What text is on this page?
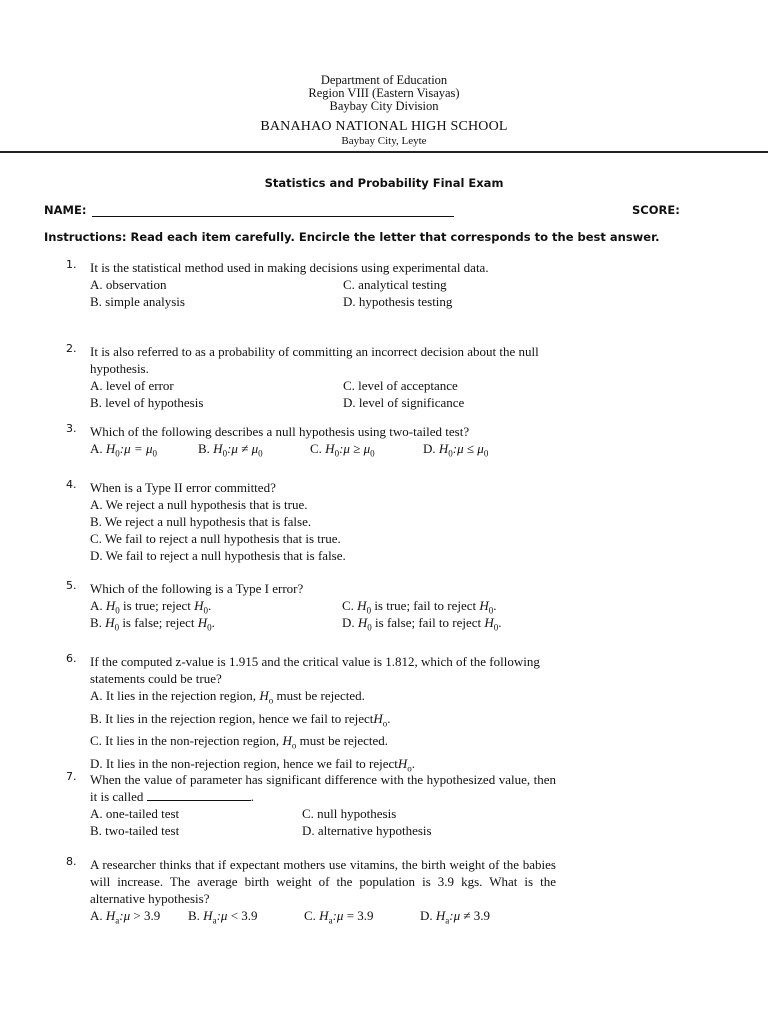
Department of Education
Region VIII (Eastern Visayas)
Baybay City Division
BANAHAO NATIONAL HIGH SCHOOL
Baybay City, Leyte
Statistics and Probability Final Exam
NAME:	SCORE:
Instructions: Read each item carefully. Encircle the letter that corresponds to the best answer.
1. It is the statistical method used in making decisions using experimental data.
A. observation	C. analytical testing
B. simple analysis	D. hypothesis testing
2. It is also referred to as a probability of committing an incorrect decision about the null hypothesis.
A. level of error	C. level of acceptance
B. level of hypothesis	D. level of significance
3. Which of the following describes a null hypothesis using two-tailed test?
A. $H_0:\mu = \mu_0$	B. $H_0:\mu \ne \mu_0$	C. $H_0:\mu \ge \mu_0$	D. $H_0:\mu \le \mu_0$
4. When is a Type II error committed?
A. We reject a null hypothesis that is true.
B. We reject a null hypothesis that is false.
C. We fail to reject a null hypothesis that is true.
D. We fail to reject a null hypothesis that is false.
5. Which of the following is a Type I error?
A. $H_0$ is true; reject $H_0$.	C. $H_0$ is true; fail to reject $H_0$.
B. $H_0$ is false; reject $H_0$.	D. $H_0$ is false; fail to reject $H_0$.
6. If the computed z-value is 1.915 and the critical value is 1.812, which of the following statements could be true?
A. It lies in the rejection region, $H_o$ must be rejected.
B. It lies in the rejection region, hence we fail to rejectH$_o$.
C. It lies in the non-rejection region, $H_o$ must be rejected.
D. It lies in the non-rejection region, hence we fail to rejectH$_o$.
7. When the value of parameter has significant difference with the hypothesized value, then it is called	.
A. one-tailed test	C. null hypothesis
B. two-tailed test	D. alternative hypothesis
8. A researcher thinks that if expectant mothers use vitamins, the birth weight of the babies will increase. The average birth weight of the population is 3.9 kgs. What is the alternative hypothesis?
A. $H_a:\mu > 3.9$ B. $H_a:\mu < 3.9$	C. $H_a:\mu = 3.9$	D. $H_a:\mu \ne 3.9$
